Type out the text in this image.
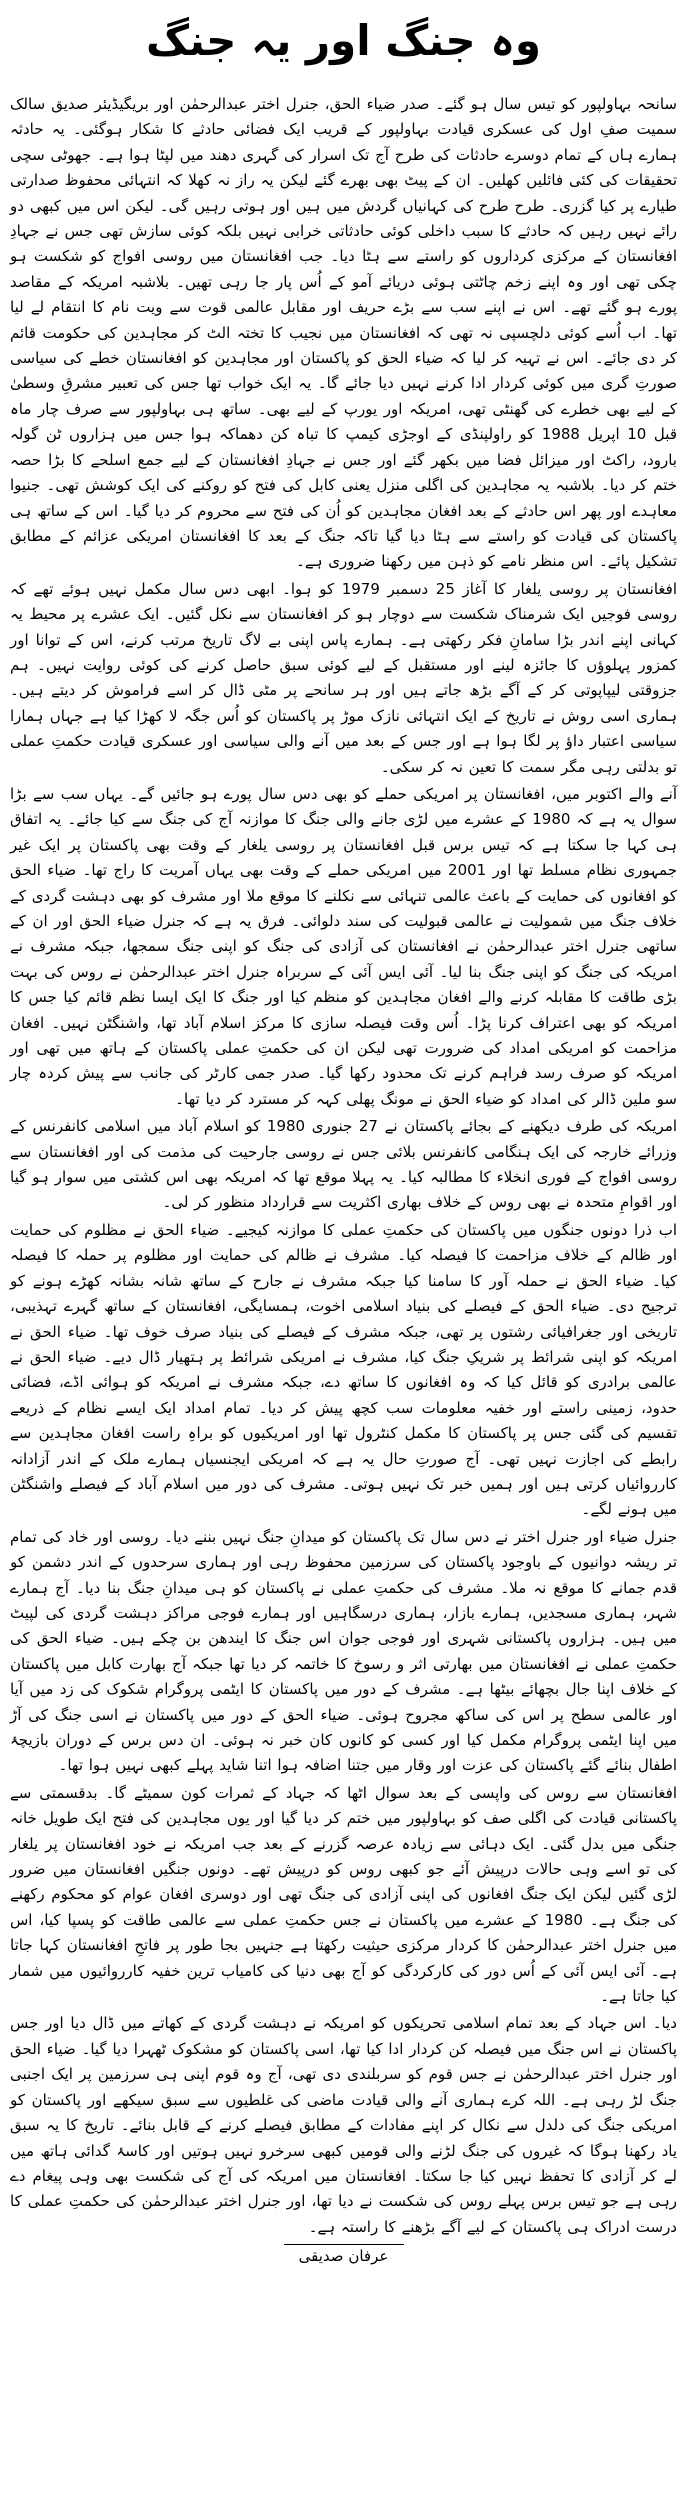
وہ جنگ اور یہ جنگ

سانحہ بہاولپور کو تیس سال ہو گئے۔ صدر ضیاء الحق، جنرل اختر عبدالرحمٰن اور بریگیڈیئر صدیق سالک سمیت صفِ اول کی عسکری قیادت بہاولپور کے قریب ایک فضائی حادثے کا شکار ہوگئی۔ یہ حادثہ ہمارے ہاں کے تمام دوسرے حادثات کی طرح آج تک اسرار کی گہری دھند میں لپٹا ہوا ہے۔ جھوٹی سچی تحقیقات کی کئی فائلیں کھلیں۔ ان کے پیٹ بھی بھرے گئے لیکن یہ راز نہ کھلا کہ انتہائی محفوظ صدارتی طیارے پر کیا گزری۔ طرح طرح کی کہانیاں گردش میں ہیں اور ہوتی رہیں گی۔ لیکن اس میں کبھی دو رائے نہیں رہیں کہ حادثے کا سبب داخلی کوئی حادثاتی خرابی نہیں بلکہ کوئی سازش تھی جس نے جہادِ افغانستان کے مرکزی کرداروں کو راستے سے ہٹا دیا۔ جب افغانستان میں روسی افواج کو شکست ہو چکی تھی اور وہ اپنے زخم چاٹتی ہوئی دریائے آمو کے اُس پار جا رہی تھیں۔ بلاشبہ امریکہ کے مقاصد پورے ہو گئے تھے۔ اس نے اپنے سب سے بڑے حریف اور مقابل عالمی قوت سے ویت نام کا انتقام لے لیا تھا۔ اب اُسے کوئی دلچسپی نہ تھی کہ افغانستان میں نجیب کا تختہ الٹ کر مجاہدین کی حکومت قائم کر دی جائے۔ اس نے تہیہ کر لیا کہ ضیاء الحق کو پاکستان اور مجاہدین کو افغانستان خطے کی سیاسی صورتِ گری میں کوئی کردار ادا کرنے نہیں دیا جائے گا۔ یہ ایک خواب تھا جس کی تعبیر مشرقِ وسطیٰ کے لیے بھی خطرے کی گھنٹی تھی، امریکہ اور یورپ کے لیے بھی۔ ساتھ ہی بہاولپور سے صرف چار ماہ قبل 10 اپریل 1988 کو راولپنڈی کے اوجڑی کیمپ کا تباہ کن دھماکہ ہوا جس میں ہزاروں ٹن گولہ بارود، راکٹ اور میزائل فضا میں بکھر گئے اور جس نے جہادِ افغانستان کے لیے جمع اسلحے کا بڑا حصہ ختم کر دیا۔ بلاشبہ یہ مجاہدین کی اگلی منزل یعنی کابل کی فتح کو روکنے کی ایک کوشش تھی۔ جنیوا معاہدے اور پھر اس حادثے کے بعد افغان مجاہدین کو اُن کی فتح سے محروم کر دیا گیا۔ اس کے ساتھ ہی پاکستان کی قیادت کو راستے سے ہٹا دیا گیا تاکہ جنگ کے بعد کا افغانستان امریکی عزائم کے مطابق تشکیل پائے۔ اس منظر نامے کو ذہن میں رکھنا ضروری ہے۔

افغانستان پر روسی یلغار کا آغاز 25 دسمبر 1979 کو ہوا۔ ابھی دس سال مکمل نہیں ہوئے تھے کہ روسی فوجیں ایک شرمناک شکست سے دوچار ہو کر افغانستان سے نکل گئیں۔ ایک عشرے پر محیط یہ کہانی اپنے اندر بڑا سامانِ فکر رکھتی ہے۔ ہمارے پاس اپنی بے لاگ تاریخ مرتب کرنے، اس کے توانا اور کمزور پہلوؤں کا جائزہ لینے اور مستقبل کے لیے کوئی سبق حاصل کرنے کی کوئی روایت نہیں۔ ہم جزوقتی لیپاپوتی کر کے آگے بڑھ جاتے ہیں اور ہر سانحے پر مٹی ڈال کر اسے فراموش کر دیتے ہیں۔ ہماری اسی روش نے تاریخ کے ایک انتہائی نازک موڑ پر پاکستان کو اُس جگہ لا کھڑا کیا ہے جہاں ہمارا سیاسی اعتبار داؤ پر لگا ہوا ہے اور جس کے بعد میں آنے والی سیاسی اور عسکری قیادت حکمتِ عملی تو بدلتی رہی مگر سمت کا تعین نہ کر سکی۔

آنے والے اکتوبر میں، افغانستان پر امریکی حملے کو بھی دس سال پورے ہو جائیں گے۔ یہاں سب سے بڑا سوال یہ ہے کہ 1980 کے عشرے میں لڑی جانے والی جنگ کا موازنہ آج کی جنگ سے کیا جائے۔ یہ اتفاق ہی کہا جا سکتا ہے کہ تیس برس قبل افغانستان پر روسی یلغار کے وقت بھی پاکستان پر ایک غیر جمہوری نظام مسلط تھا اور 2001 میں امریکی حملے کے وقت بھی یہاں آمریت کا راج تھا۔ ضیاء الحق کو افغانوں کی حمایت کے باعث عالمی تنہائی سے نکلنے کا موقع ملا اور مشرف کو بھی دہشت گردی کے خلاف جنگ میں شمولیت نے عالمی قبولیت کی سند دلوائی۔ فرق یہ ہے کہ جنرل ضیاء الحق اور ان کے ساتھی جنرل اختر عبدالرحمٰن نے افغانستان کی آزادی کی جنگ کو اپنی جنگ سمجھا، جبکہ مشرف نے امریکہ کی جنگ کو اپنی جنگ بنا لیا۔ آئی ایس آئی کے سربراہ جنرل اختر عبدالرحمٰن نے روس کی بہت بڑی طاقت کا مقابلہ کرنے والے افغان مجاہدین کو منظم کیا اور جنگ کا ایک ایسا نظم قائم کیا جس کا امریکہ کو بھی اعتراف کرنا پڑا۔ اُس وقت فیصلہ سازی کا مرکز اسلام آباد تھا، واشنگٹن نہیں۔ افغان مزاحمت کو امریکی امداد کی ضرورت تھی لیکن ان کی حکمتِ عملی پاکستان کے ہاتھ میں تھی اور امریکہ کو صرف رسد فراہم کرنے تک محدود رکھا گیا۔ صدر جمی کارٹر کی جانب سے پیش کردہ چار سو ملین ڈالر کی امداد کو ضیاء الحق نے مونگ پھلی کہہ کر مسترد کر دیا تھا۔

امریکہ کی طرف دیکھنے کے بجائے پاکستان نے 27 جنوری 1980 کو اسلام آباد میں اسلامی کانفرنس کے وزرائے خارجہ کی ایک ہنگامی کانفرنس بلائی جس نے روسی جارحیت کی مذمت کی اور افغانستان سے روسی افواج کے فوری انخلاء کا مطالبہ کیا۔ یہ پہلا موقع تھا کہ امریکہ بھی اس کشتی میں سوار ہو گیا اور اقوامِ متحدہ نے بھی روس کے خلاف بھاری اکثریت سے قرارداد منظور کر لی۔

اب ذرا دونوں جنگوں میں پاکستان کی حکمتِ عملی کا موازنہ کیجیے۔ ضیاء الحق نے مظلوم کی حمایت اور ظالم کے خلاف مزاحمت کا فیصلہ کیا۔ مشرف نے ظالم کی حمایت اور مظلوم پر حملہ کا فیصلہ کیا۔ ضیاء الحق نے حملہ آور کا سامنا کیا جبکہ مشرف نے جارح کے ساتھ شانہ بشانہ کھڑے ہونے کو ترجیح دی۔ ضیاء الحق کے فیصلے کی بنیاد اسلامی اخوت، ہمسایگی، افغانستان کے ساتھ گہرے تہذیبی، تاریخی اور جغرافیائی رشتوں پر تھی، جبکہ مشرف کے فیصلے کی بنیاد صرف خوف تھا۔ ضیاء الحق نے امریکہ کو اپنی شرائط پر شریکِ جنگ کیا، مشرف نے امریکی شرائط پر ہتھیار ڈال دیے۔ ضیاء الحق نے عالمی برادری کو قائل کیا کہ وہ افغانوں کا ساتھ دے، جبکہ مشرف نے امریکہ کو ہوائی اڈے، فضائی حدود، زمینی راستے اور خفیہ معلومات سب کچھ پیش کر دیا۔ تمام امداد ایک ایسے نظام کے ذریعے تقسیم کی گئی جس پر پاکستان کا مکمل کنٹرول تھا اور امریکیوں کو براہِ راست افغان مجاہدین سے رابطے کی اجازت نہیں تھی۔ آج صورتِ حال یہ ہے کہ امریکی ایجنسیاں ہمارے ملک کے اندر آزادانہ کارروائیاں کرتی ہیں اور ہمیں خبر تک نہیں ہوتی۔ مشرف کی دور میں اسلام آباد کے فیصلے واشنگٹن میں ہونے لگے۔

جنرل ضیاء اور جنرل اختر نے دس سال تک پاکستان کو میدانِ جنگ نہیں بننے دیا۔ روسی اور خاد کی تمام تر ریشہ دوانیوں کے باوجود پاکستان کی سرزمین محفوظ رہی اور ہماری سرحدوں کے اندر دشمن کو قدم جمانے کا موقع نہ ملا۔ مشرف کی حکمتِ عملی نے پاکستان کو ہی میدانِ جنگ بنا دیا۔ آج ہمارے شہر، ہماری مسجدیں، ہمارے بازار، ہماری درسگاہیں اور ہمارے فوجی مراکز دہشت گردی کی لپیٹ میں ہیں۔ ہزاروں پاکستانی شہری اور فوجی جوان اس جنگ کا ایندھن بن چکے ہیں۔ ضیاء الحق کی حکمتِ عملی نے افغانستان میں بھارتی اثر و رسوخ کا خاتمہ کر دیا تھا جبکہ آج بھارت کابل میں پاکستان کے خلاف اپنا جال بچھائے بیٹھا ہے۔ مشرف کے دور میں پاکستان کا ایٹمی پروگرام شکوک کی زد میں آیا اور عالمی سطح پر اس کی ساکھ مجروح ہوئی۔ ضیاء الحق کے دور میں پاکستان نے اسی جنگ کی آڑ میں اپنا ایٹمی پروگرام مکمل کیا اور کسی کو کانوں کان خبر نہ ہوئی۔ ان دس برس کے دوران بازیچۂ اطفال بنائے گئے پاکستان کی عزت اور وقار میں جتنا اضافہ ہوا اتنا شاید پہلے کبھی نہیں ہوا تھا۔

افغانستان سے روس کی واپسی کے بعد سوال اٹھا کہ جہاد کے ثمرات کون سمیٹے گا۔ بدقسمتی سے پاکستانی قیادت کی اگلی صف کو بہاولپور میں ختم کر دیا گیا اور یوں مجاہدین کی فتح ایک طویل خانہ جنگی میں بدل گئی۔ ایک دہائی سے زیادہ عرصہ گزرنے کے بعد جب امریکہ نے خود افغانستان پر یلغار کی تو اسے وہی حالات درپیش آئے جو کبھی روس کو درپیش تھے۔ دونوں جنگیں افغانستان میں ضرور لڑی گئیں لیکن ایک جنگ افغانوں کی اپنی آزادی کی جنگ تھی اور دوسری افغان عوام کو محکوم رکھنے کی جنگ ہے۔ 1980 کے عشرے میں پاکستان نے جس حکمتِ عملی سے عالمی طاقت کو پسپا کیا، اس میں جنرل اختر عبدالرحمٰن کا کردار مرکزی حیثیت رکھتا ہے جنہیں بجا طور پر فاتحِ افغانستان کہا جاتا ہے۔ آئی ایس آئی کے اُس دور کی کارکردگی کو آج بھی دنیا کی کامیاب ترین خفیہ کارروائیوں میں شمار کیا جاتا ہے۔

دیا۔ اس جہاد کے بعد تمام اسلامی تحریکوں کو امریکہ نے دہشت گردی کے کھاتے میں ڈال دیا اور جس پاکستان نے اس جنگ میں فیصلہ کن کردار ادا کیا تھا، اسی پاکستان کو مشکوک ٹھہرا دیا گیا۔ ضیاء الحق اور جنرل اختر عبدالرحمٰن نے جس قوم کو سربلندی دی تھی، آج وہ قوم اپنی ہی سرزمین پر ایک اجنبی جنگ لڑ رہی ہے۔ اللہ کرے ہماری آنے والی قیادت ماضی کی غلطیوں سے سبق سیکھے اور پاکستان کو امریکی جنگ کی دلدل سے نکال کر اپنے مفادات کے مطابق فیصلے کرنے کے قابل بنائے۔ تاریخ کا یہ سبق یاد رکھنا ہوگا کہ غیروں کی جنگ لڑنے والی قومیں کبھی سرخرو نہیں ہوتیں اور کاسۂ گدائی ہاتھ میں لے کر آزادی کا تحفظ نہیں کیا جا سکتا۔ افغانستان میں امریکہ کی آج کی شکست بھی وہی پیغام دے رہی ہے جو تیس برس پہلے روس کی شکست نے دیا تھا، اور جنرل اختر عبدالرحمٰن کی حکمتِ عملی کا درست ادراک ہی پاکستان کے لیے آگے بڑھنے کا راستہ ہے۔

عرفان صدیقی
